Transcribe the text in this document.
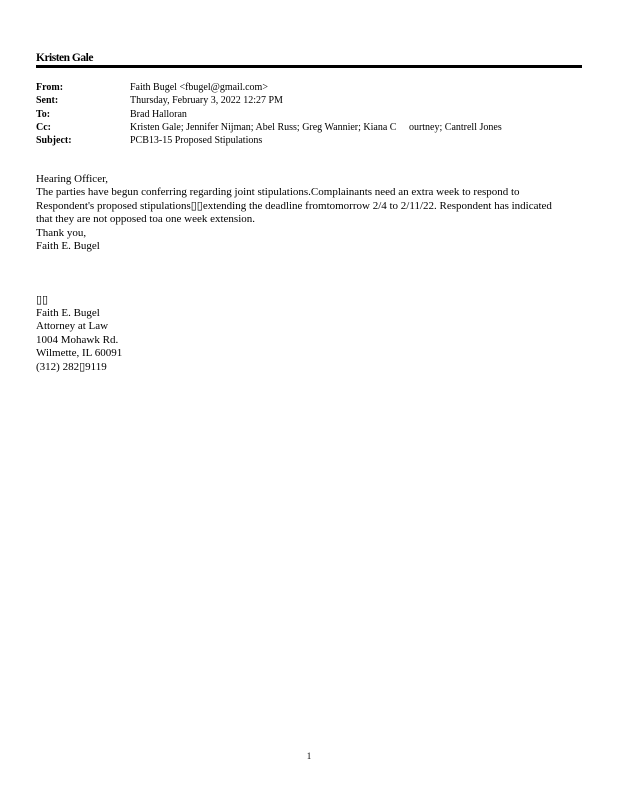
Kristen Gale
From:	Faith Bugel <fbugel@gmail.com>
Sent:	Thursday, February 3, 2022 12:27 PM
To:	Brad Halloran
Cc:	Kristen Gale; Jennifer Nijman; Abel Russ; Greg Wannier; Kiana C     ourtney; Cantrell Jones
Subject:	PCB13-15 Proposed Stipulations
Hearing Officer,
The parties have begun conferring regarding joint stipulations.Complainants need an extra week to respond to
Respondent's proposed stipulations▯▯extending the deadline fromtomorrow 2/4 to 2/11/22. Respondent has indicated
that they are not opposed toa one week extension.
Thank you,
Faith E. Bugel
▯▯
Faith E. Bugel
Attorney at Law
1004 Mohawk Rd.
Wilmette, IL 60091
(312) 282▯9119
1
